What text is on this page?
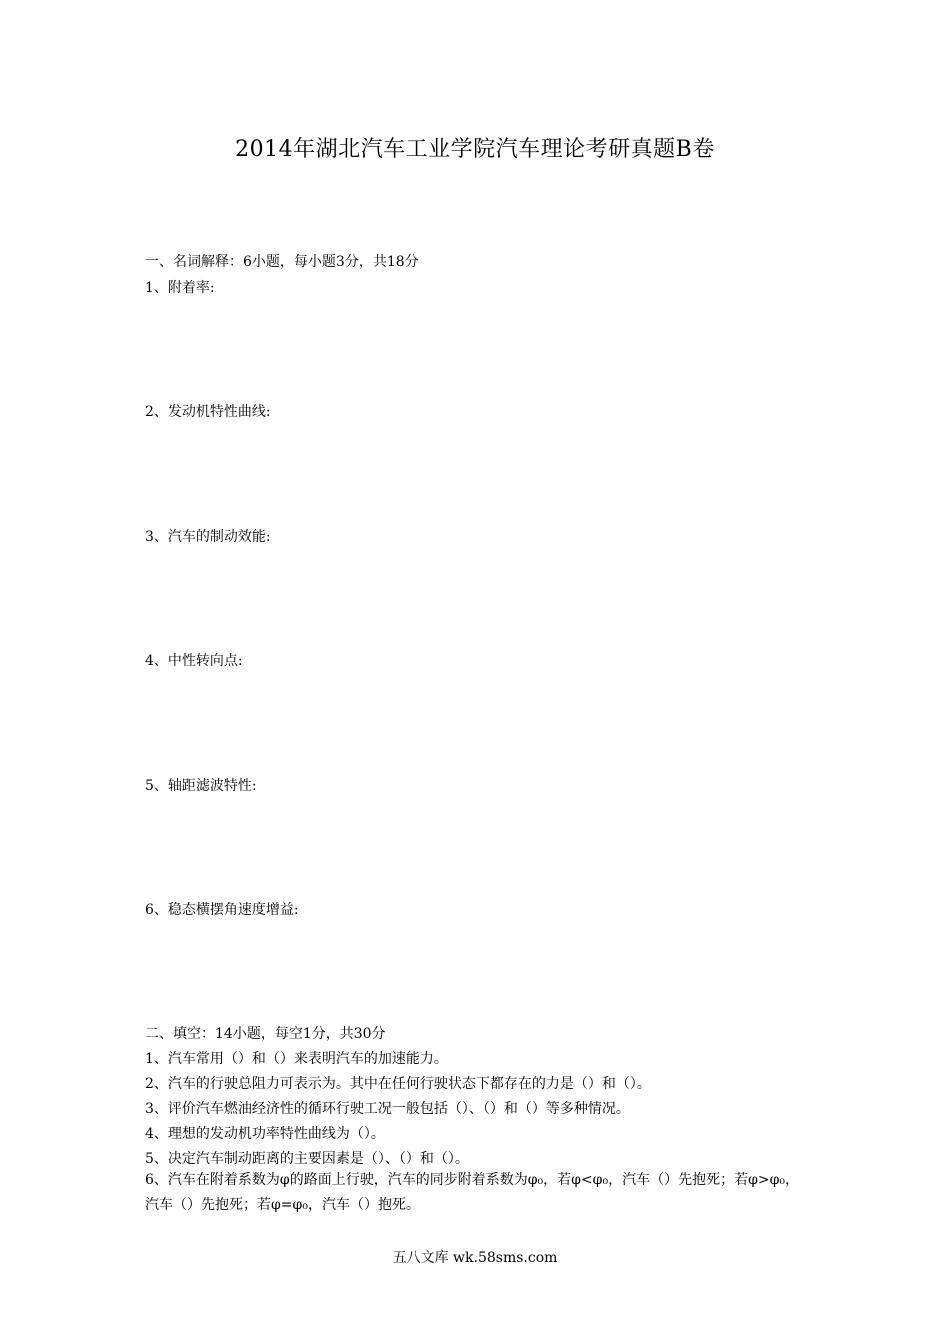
2014年湖北汽车工业学院汽车理论考研真题B卷
一、名词解释：6小题，每小题3分，共18分
1、附着率:
2、发动机特性曲线:
3、汽车的制动效能:
4、中性转向点:
5、轴距滤波特性:
6、稳态横摆角速度增益:
二、填空：14小题，每空1分，共30分
1、汽车常用（）和（）来表明汽车的加速能力。
2、汽车的行驶总阻力可表示为。其中在任何行驶状态下都存在的力是（）和（）。
3、评价汽车燃油经济性的循环行驶工况一般包括（）、（）和（）等多种情况。
4、理想的发动机功率特性曲线为（）。
5、决定汽车制动距离的主要因素是（）、（）和（）。
6、汽车在附着系数为φ的路面上行驶，汽车的同步附着系数为φ₀，若φ<φ₀，汽车（）先抱死；若φ>φ₀，汽车（）先抱死；若φ=φ₀，汽车（）抱死。
五八文库 wk.58sms.com
